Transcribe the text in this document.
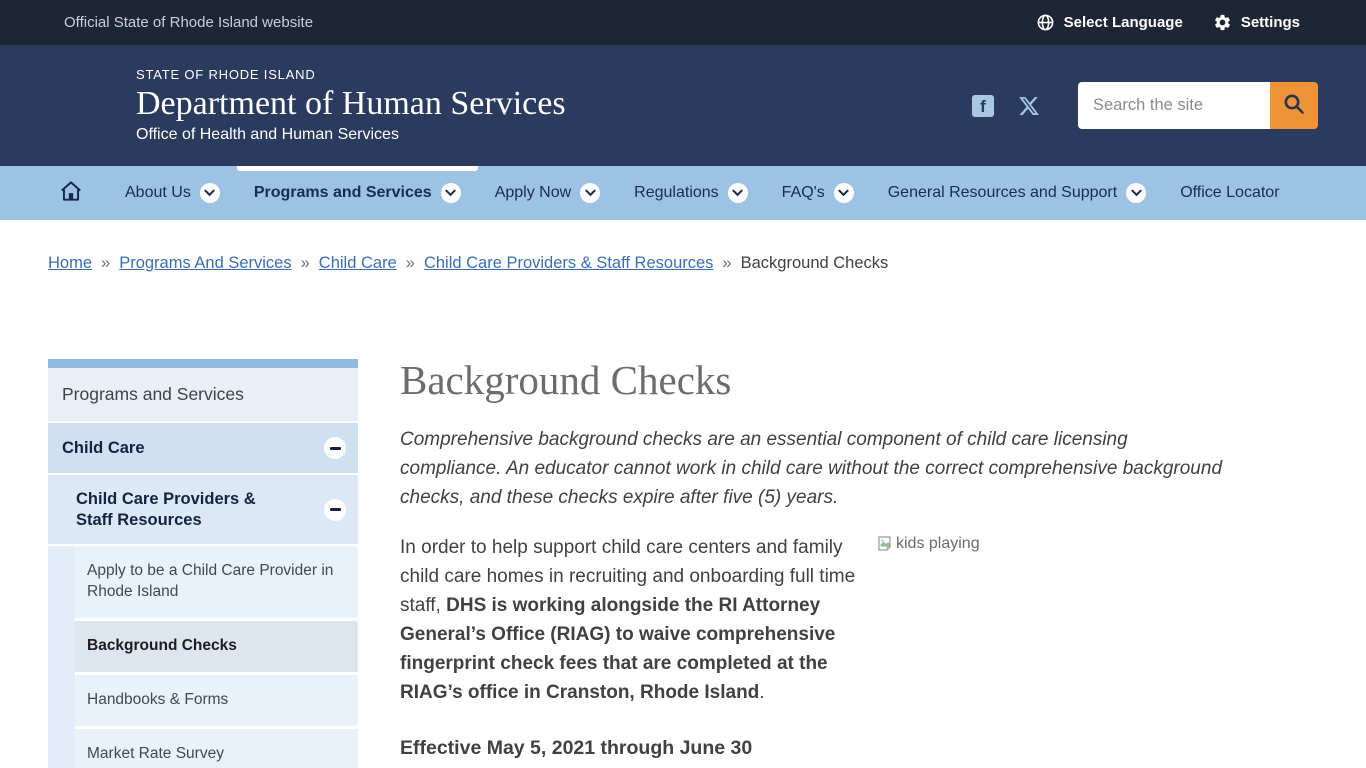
Official State of Rhode Island website	Select Language	Settings
STATE OF RHODE ISLAND
Department of Human Services
Office of Health and Human Services
f
Search the site
About Us	Programs and Services	Apply Now	Regulations	FAQ's	General Resources and Support	Office Locator
Home » Programs And Services » Child Care » Child Care Providers & Staff Resources » Background Checks
Programs and Services
Child Care
Child Care Providers & Staff Resources
Apply to be a Child Care Provider in Rhode Island
Background Checks
Handbooks & Forms
Market Rate Survey
Background Checks

Comprehensive background checks are an essential component of child care licensing compliance. An educator cannot work in child care without the correct comprehensive background checks, and these checks expire after five (5) years.

In order to help support child care centers and family child care homes in recruiting and onboarding full time staff, DHS is working alongside the RI Attorney General’s Office (RIAG) to waive comprehensive fingerprint check fees that are completed at the RIAG’s office in Cranston, Rhode Island.
kids playing

Effective May 5, 2021 through June 30
